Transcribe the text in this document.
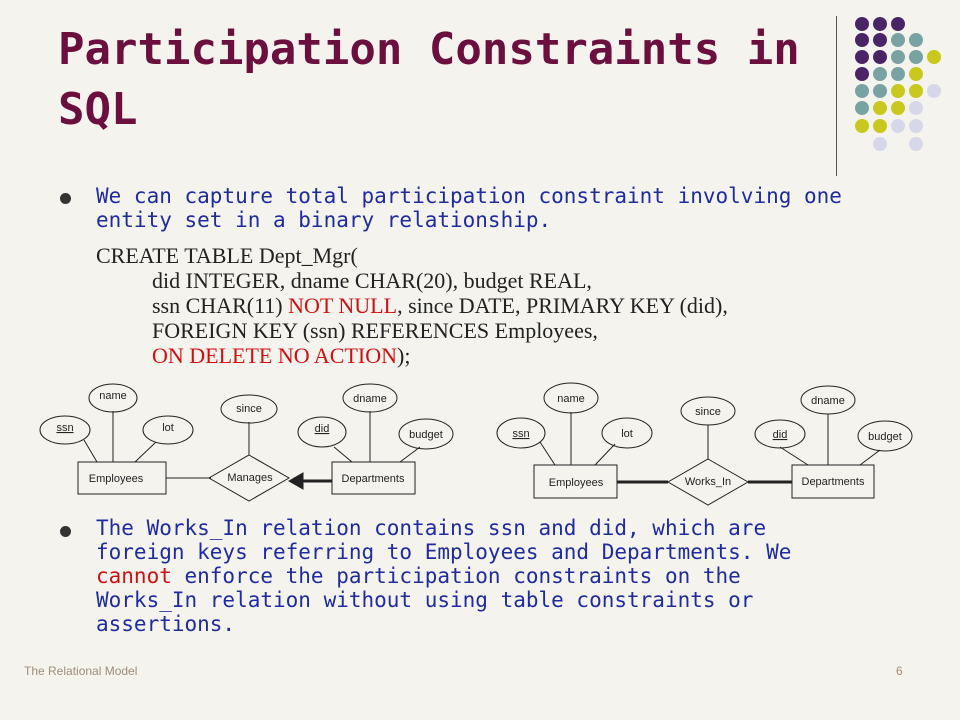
Participation Constraints in SQL

We can capture total participation constraint involving one entity set in a binary relationship.

CREATE TABLE Dept_Mgr(
did INTEGER, dname CHAR(20), budget REAL,
ssn CHAR(11) NOT NULL, since DATE, PRIMARY KEY (did),
FOREIGN KEY (ssn) REFERENCES Employees,
ON DELETE NO ACTION);
name
ssn	lot
Employees	Manages
since
did
dname
budget
Departments
name
ssn	lot
Employees	Works_In
since
did
dname
budget
Departments

The Works_In relation contains ssn and did, which are foreign keys referring to Employees and Departments. We cannot enforce the participation constraints on the Works_In relation without using table constraints or assertions.

The Relational Model	6
